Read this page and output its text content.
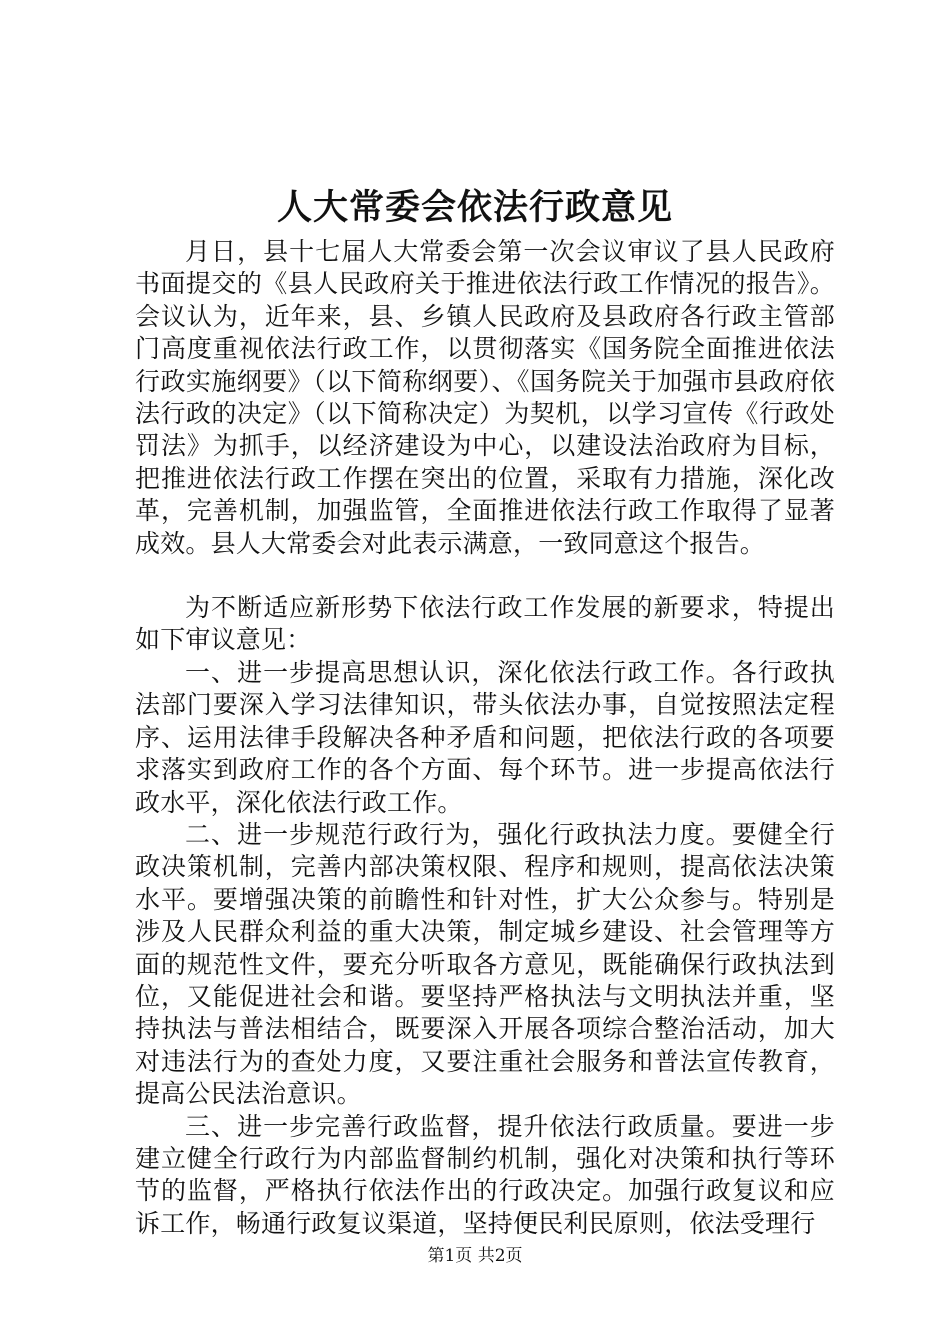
人大常委会依法行政意见

月日，县十七届人大常委会第一次会议审议了县人民政府书面提交的《县人民政府关于推进依法行政工作情况的报告》。会议认为，近年来，县、乡镇人民政府及县政府各行政主管部门高度重视依法行政工作，以贯彻落实《国务院全面推进依法行政实施纲要》（以下简称纲要）、《国务院关于加强市县政府依法行政的决定》（以下简称决定）为契机，以学习宣传《行政处罚法》为抓手，以经济建设为中心，以建设法治政府为目标，把推进依法行政工作摆在突出的位置，采取有力措施，深化改革，完善机制，加强监管，全面推进依法行政工作取得了显著成效。县人大常委会对此表示满意，一致同意这个报告。

为不断适应新形势下依法行政工作发展的新要求，特提出如下审议意见：

一、进一步提高思想认识，深化依法行政工作。各行政执法部门要深入学习法律知识，带头依法办事，自觉按照法定程序、运用法律手段解决各种矛盾和问题，把依法行政的各项要求落实到政府工作的各个方面、每个环节。进一步提高依法行政水平，深化依法行政工作。

二、进一步规范行政行为，强化行政执法力度。要健全行政决策机制，完善内部决策权限、程序和规则，提高依法决策水平。要增强决策的前瞻性和针对性，扩大公众参与。特别是涉及人民群众利益的重大决策，制定城乡建设、社会管理等方面的规范性文件，要充分听取各方意见，既能确保行政执法到位，又能促进社会和谐。要坚持严格执法与文明执法并重，坚持执法与普法相结合，既要深入开展各项综合整治活动，加大对违法行为的查处力度，又要注重社会服务和普法宣传教育，提高公民法治意识。

三、进一步完善行政监督，提升依法行政质量。要进一步建立健全行政行为内部监督制约机制，强化对决策和执行等环节的监督，严格执行依法作出的行政决定。加强行政复议和应诉工作，畅通行政复议渠道，坚持便民利民原则，依法受理行

第1页 共2页
